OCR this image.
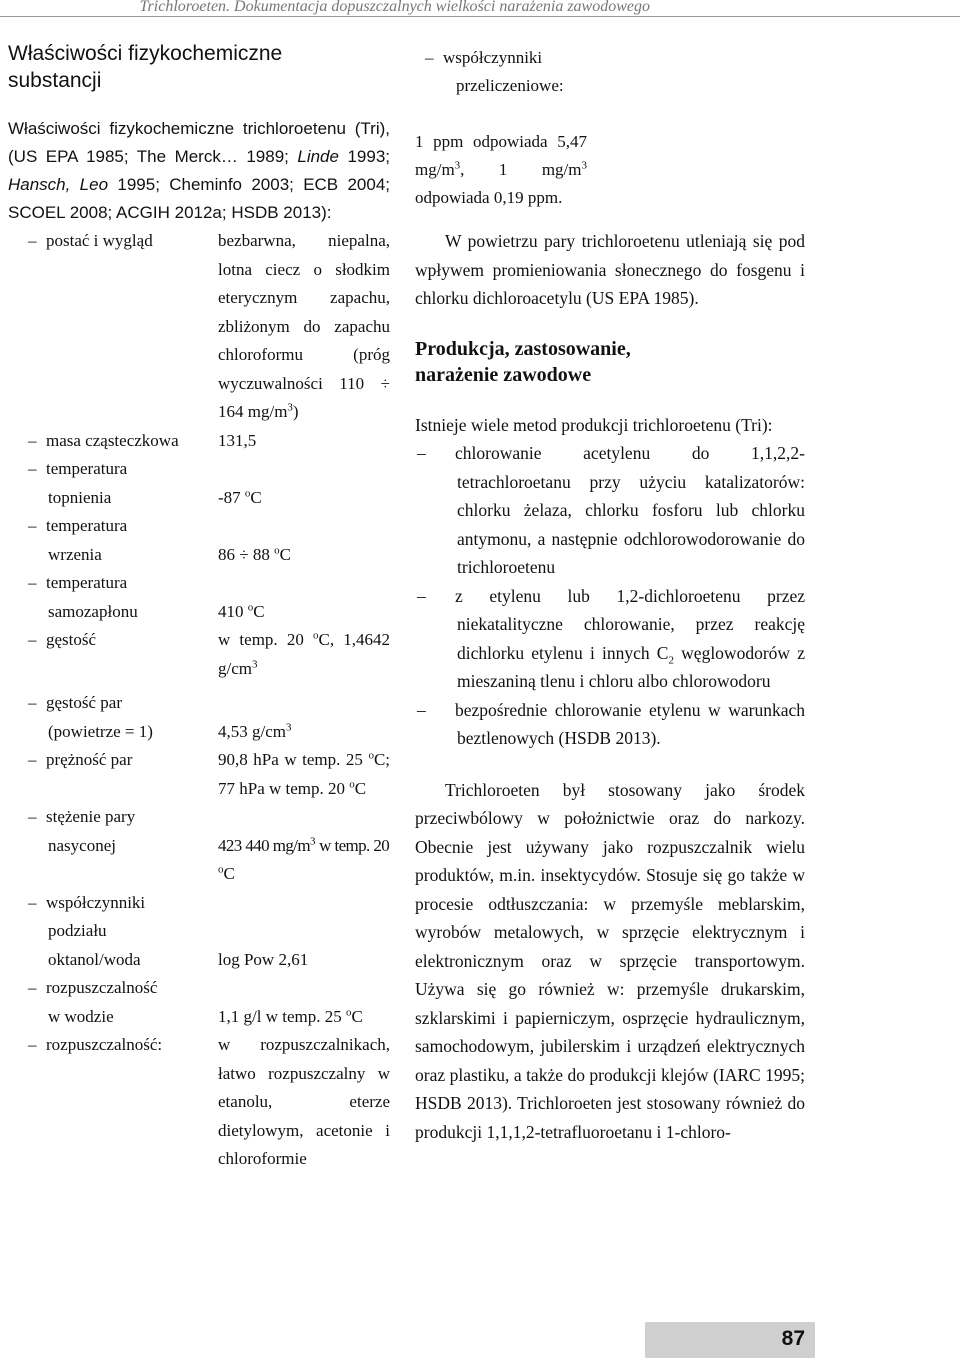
Trichloroeten. Dokumentacja dopuszczalnych wielkości narażenia zawodowego
Właściwości fizykochemiczne substancji
Właściwości fizykochemiczne trichloroetenu (Tri), (US EPA 1985; The Merck… 1989; Linde 1993; Hansch, Leo 1995; Cheminfo 2003; ECB 2004; SCOEL 2008; ACGIH 2012a; HSDB 2013):
– postać i wygląd	bezbarwna, niepalna, lotna ciecz o słodkim eterycznym zapachu, zbliżonym do zapachu chloroformu (próg wyczuwalności 110 ÷ 164 $mg/m^3$)
– masa cząsteczkowa 131,5
– temperatura
topnienia	-87 $^o$C
– temperatura
wrzenia	86 ÷ 88 $^o$C
– temperatura
samozapłonu	410 $^o$C
– gęstość	w temp. 20 $^o$C, 1,4642 $g/cm^3$
– gęstość par
(powietrze = 1)	4,53 $g/cm^3$
– prężność par	90,8 hPa w temp. 25 $^o$C; 77 hPa w temp. 20 $^o$C
– stężenie pary
nasyconej	423 440 $mg/m^3$ w temp. 20 $^o$C
– współczynniki
podziału
oktanol/woda	log Pow 2,61
– rozpuszczalność
w wodzie	1,1 g/l w temp. 25 $^o$C
– rozpuszczalność:	w rozpuszczalnikach, łatwo rozpuszczalny w etanolu, eterze dietylowym, acetonie i chloroformie
– współczynniki
przeliczeniowe:
1 ppm odpowiada 5,47 $mg/m^3$, 1 $mg/m^3$ odpowiada 0,19 ppm.
W powietrzu pary trichloroetenu utleniają się pod wpływem promieniowania słonecznego do fosgenu i chlorku dichloroacetylu (US EPA 1985).
Produkcja, zastosowanie, narażenie zawodowe
Istnieje wiele metod produkcji trichloroetenu (Tri):
– chlorowanie acetylenu do 1,1,2,2-tetrachloroetanu przy użyciu katalizatorów: chlorku żelaza, chlorku fosforu lub chlorku antymonu, a następnie odchlorowodorowanie do trichloroetenu
– z etylenu lub 1,2-dichloroetenu przez niekatalityczne chlorowanie, przez reakcję dichlorku etylenu i innych $C_2$ węglowodorów z mieszaniną tlenu i chloru albo chlorowodoru
– bezpośrednie chlorowanie etylenu w warunkach beztlenowych (HSDB 2013).
Trichloroeten był stosowany jako środek przeciwbólowy w położnictwie oraz do narkozy. Obecnie jest używany jako rozpuszczalnik wielu produktów, m.in. insektycydów. Stosuje się go także w procesie odtłuszczania: w przemyśle meblarskim, wyrobów metalowych, w sprzęcie elektrycznym i elektronicznym oraz w sprzęcie transportowym. Używa się go również w: przemyśle drukarskim, szklarskimi i papierniczym, osprzęcie hydraulicznym, samochodowym, jubilerskim i urządzeń elektrycznych oraz plastiku, a także do produkcji klejów (IARC 1995; HSDB 2013). Trichloroeten jest stosowany również do produkcji 1,1,1,2-tetrafluoroetanu i 1-chloro-
87
